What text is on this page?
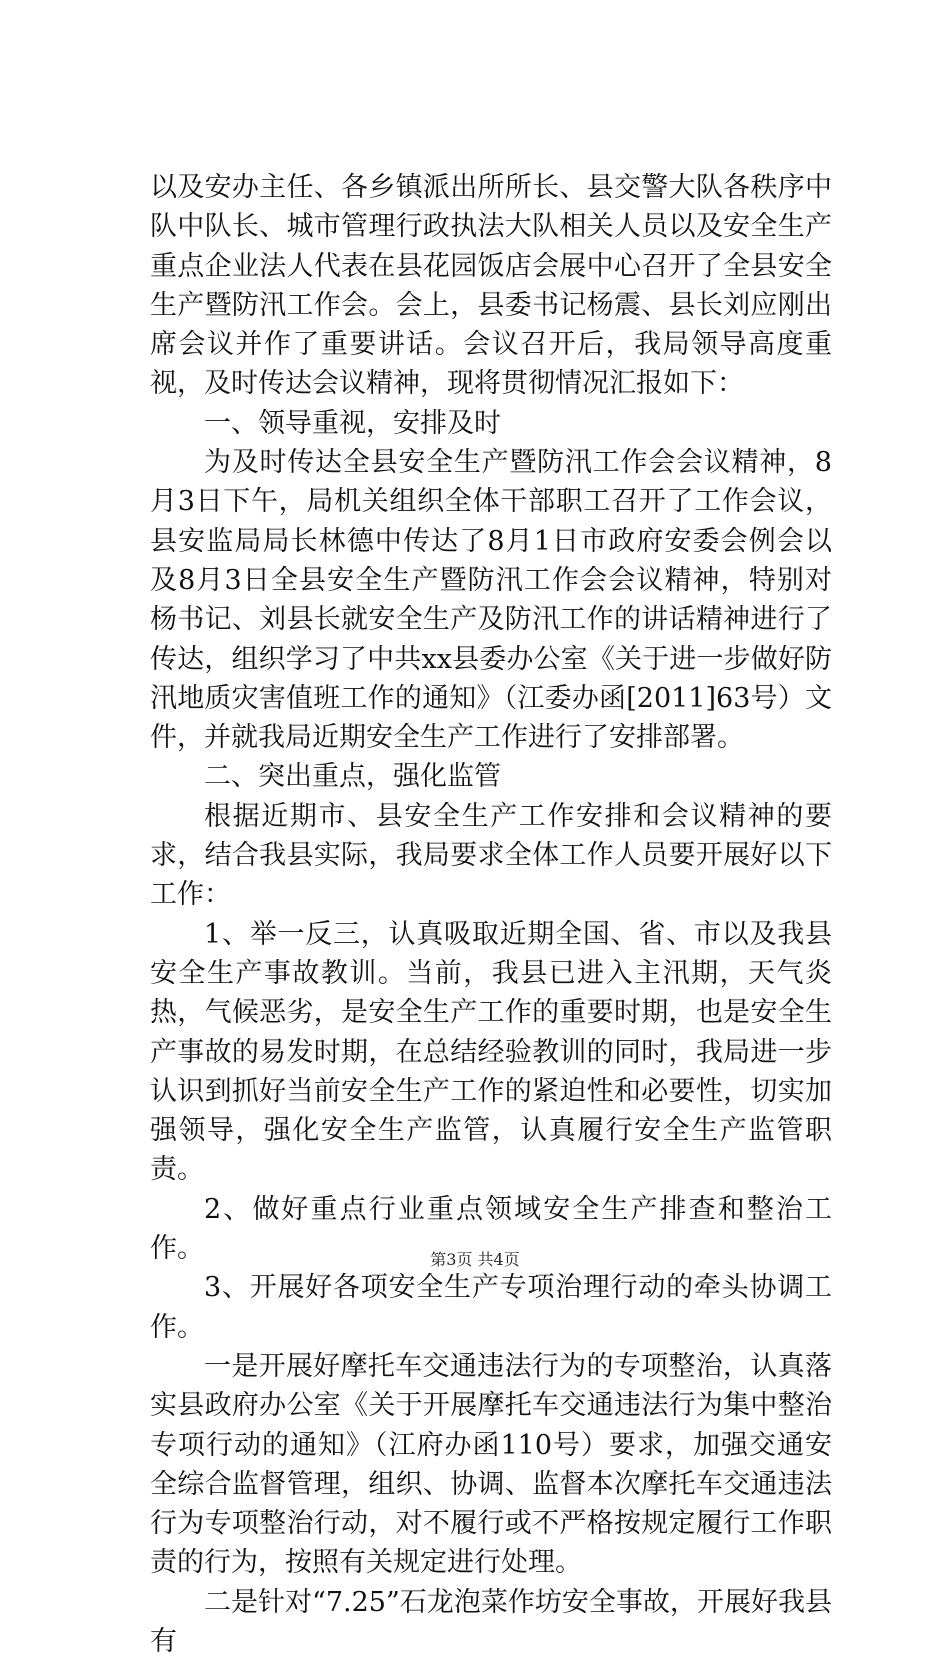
以及安办主任、各乡镇派出所所长、县交警大队各秩序中队中队长、城市管理行政执法大队相关人员以及安全生产重点企业法人代表在县花园饭店会展中心召开了全县安全生产暨防汛工作会。会上，县委书记杨震、县长刘应刚出席会议并作了重要讲话。会议召开后，我局领导高度重视，及时传达会议精神，现将贯彻情况汇报如下：

一、领导重视，安排及时

为及时传达全县安全生产暨防汛工作会会议精神，8月3日下午，局机关组织全体干部职工召开了工作会议，县安监局局长林德中传达了8月1日市政府安委会例会以及8月3日全县安全生产暨防汛工作会会议精神，特别对杨书记、刘县长就安全生产及防汛工作的讲话精神进行了传达，组织学习了中共xx县委办公室《关于进一步做好防汛地质灾害值班工作的通知》（江委办函[2011]63号）文件，并就我局近期安全生产工作进行了安排部署。

二、突出重点，强化监管

根据近期市、县安全生产工作安排和会议精神的要求，结合我县实际，我局要求全体工作人员要开展好以下工作：

1、举一反三，认真吸取近期全国、省、市以及我县安全生产事故教训。当前，我县已进入主汛期，天气炎热，气候恶劣，是安全生产工作的重要时期，也是安全生产事故的易发时期，在总结经验教训的同时，我局进一步认识到抓好当前安全生产工作的紧迫性和必要性，切实加强领导，强化安全生产监管，认真履行安全生产监管职责。

2、做好重点行业重点领域安全生产排查和整治工作。

3、开展好各项安全生产专项治理行动的牵头协调工作。

一是开展好摩托车交通违法行为的专项整治，认真落实县政府办公室《关于开展摩托车交通违法行为集中整治专项行动的通知》（江府办函110号）要求，加强交通安全综合监督管理，组织、协调、监督本次摩托车交通违法行为专项整治行动，对不履行或不严格按规定履行工作职责的行为，按照有关规定进行处理。

二是针对“7.25”石龙泡菜作坊安全事故，开展好我县有

第3页 共4页
